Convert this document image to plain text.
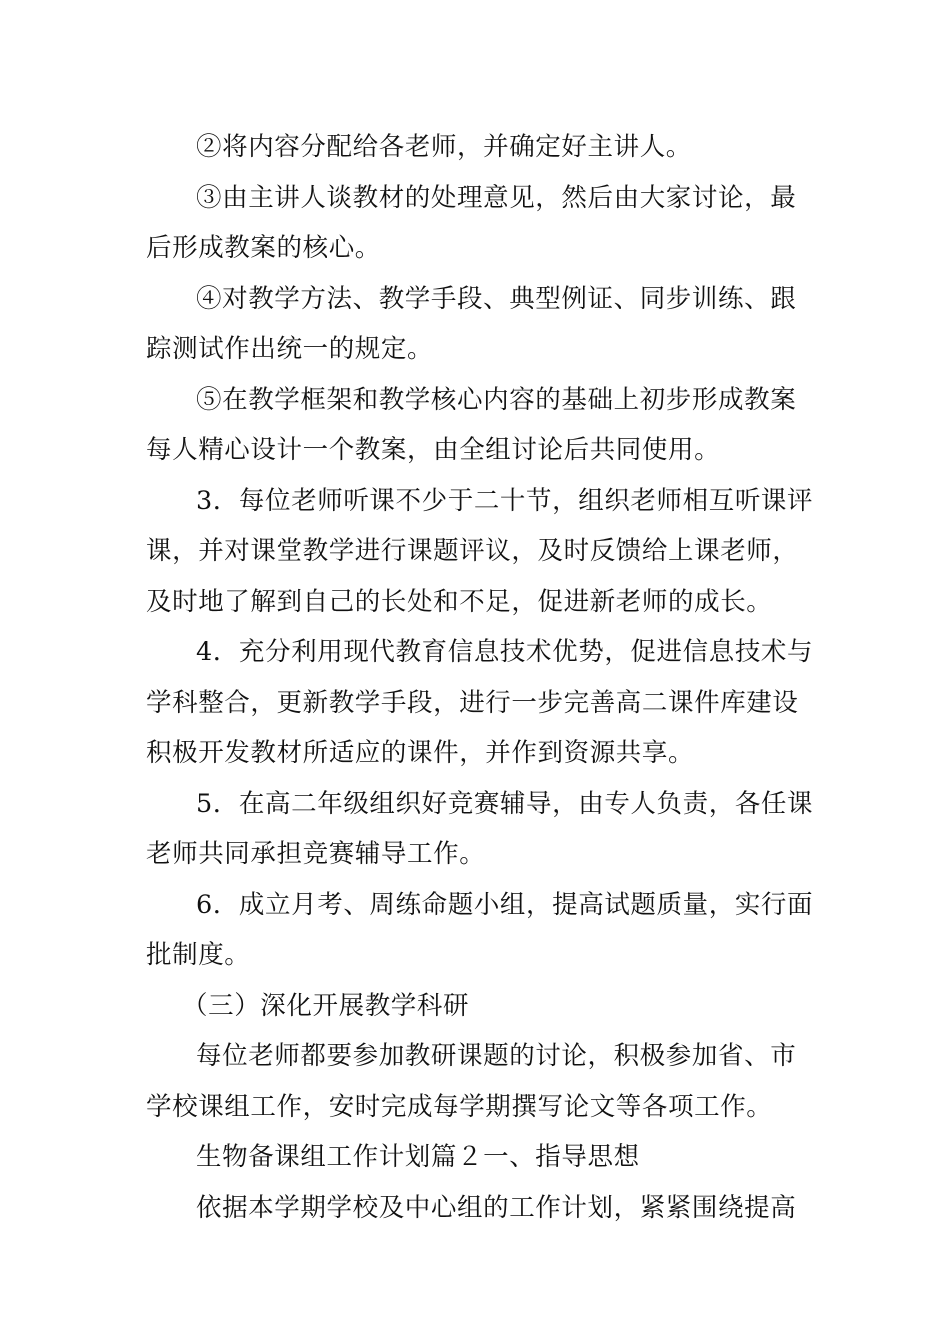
②将内容分配给各老师，并确定好主讲人。
③由主讲人谈教材的处理意见，然后由大家讨论，最
后形成教案的核心。
④对教学方法、教学手段、典型例证、同步训练、跟
踪测试作出统一的规定。
⑤在教学框架和教学核心内容的基础上初步形成教案
每人精心设计一个教案，由全组讨论后共同使用。
3．每位老师听课不少于二十节，组织老师相互听课评
课，并对课堂教学进行课题评议，及时反馈给上课老师，
及时地了解到自己的长处和不足，促进新老师的成长。
4．充分利用现代教育信息技术优势，促进信息技术与
学科整合，更新教学手段，进行一步完善高二课件库建设
积极开发教材所适应的课件，并作到资源共享。
5．在高二年级组织好竞赛辅导，由专人负责，各任课
老师共同承担竞赛辅导工作。
6．成立月考、周练命题小组，提高试题质量，实行面
批制度。
（三）深化开展教学科研
每位老师都要参加教研课题的讨论，积极参加省、市
学校课组工作，安时完成每学期撰写论文等各项工作。
生物备课组工作计划篇２一、指导思想
依据本学期学校及中心组的工作计划，紧紧围绕提高
